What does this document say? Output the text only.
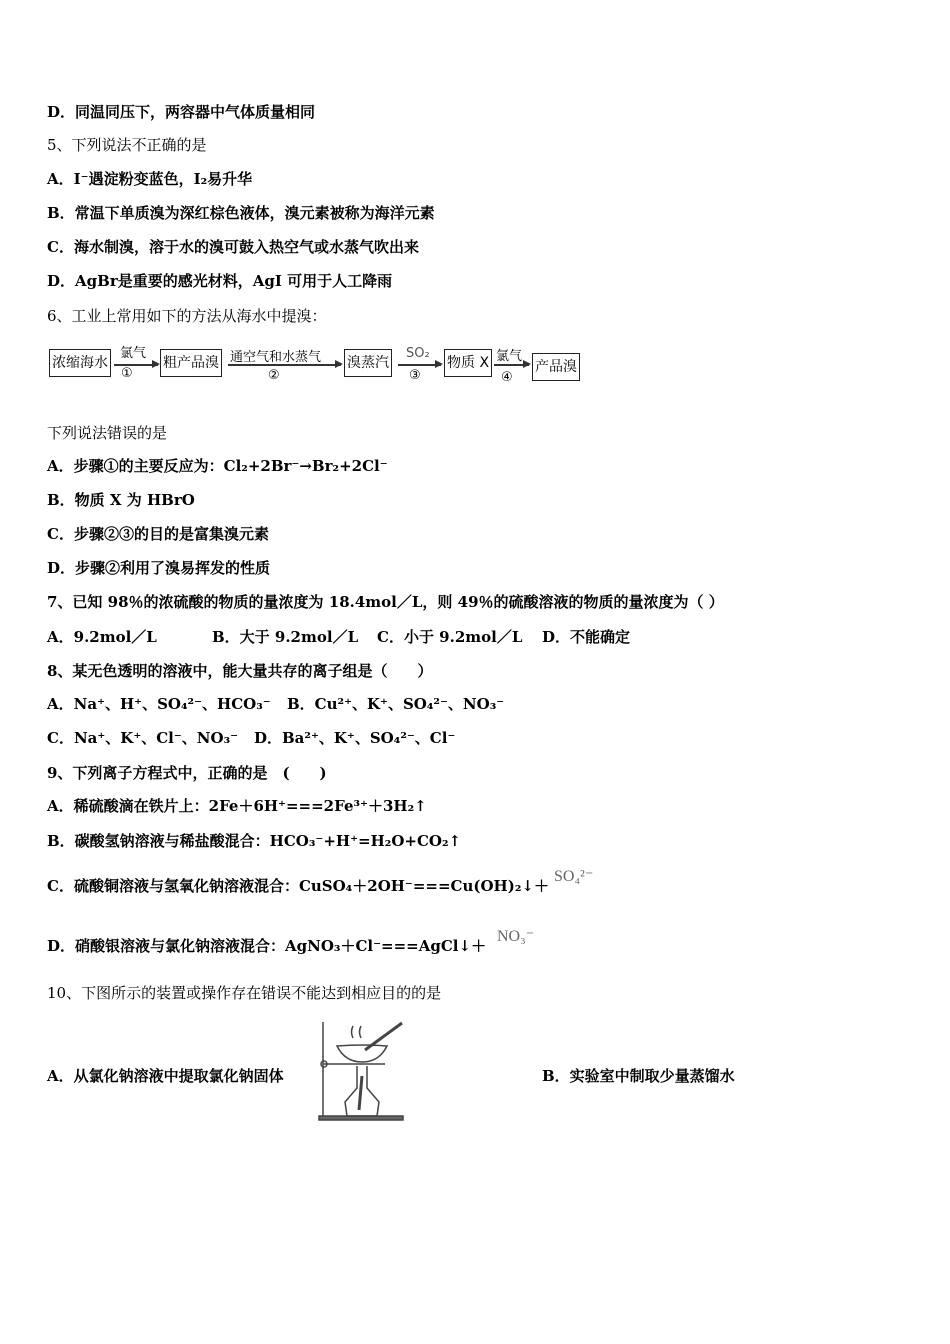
D．同温同压下，两容器中气体质量相同
5、下列说法不正确的是
A．I⁻遇淀粉变蓝色，I₂易升华
B．常温下单质溴为深红棕色液体，溴元素被称为海洋元素
C．海水制溴，溶于水的溴可鼓入热空气或水蒸气吹出来
D．AgBr是重要的感光材料，AgI 可用于人工降雨
6、工业上常用如下的方法从海水中提溴：
浓缩海水
氯气
①
粗产品溴 通空气和水蒸气
②
溴蒸汽
SO₂
③
物质 X 氯气
④
产品溴
下列说法错误的是
A．步骤①的主要反应为：Cl₂+2Br⁻→Br₂+2Cl⁻
B．物质 X 为 HBrO
C．步骤②③的目的是富集溴元素
D．步骤②利用了溴易挥发的性质
7、已知 98％的浓硫酸的物质的量浓度为 18.4mol／L，则 49％的硫酸溶液的物质的量浓度为（ ）
A．9.2mol／L	B．大于 9.2mol／L C．小于 9.2mol／L D．不能确定
8、某无色透明的溶液中，能大量共存的离子组是（　　）
A．Na⁺、H⁺、SO₄²⁻、HCO₃⁻ B．Cu²⁺、K⁺、SO₄²⁻、NO₃⁻
C．Na⁺、K⁺、Cl⁻、NO₃⁻ D．Ba²⁺、K⁺、SO₄²⁻、Cl⁻
9、下列离子方程式中，正确的是　(　　)
A．稀硫酸滴在铁片上：2Fe＋6H⁺===2Fe³⁺＋3H₂↑
B．碳酸氢钠溶液与稀盐酸混合：HCO₃⁻+H⁺=H₂O+CO₂↑
C．硫酸铜溶液与氢氧化钠溶液混合：CuSO₄＋2OH⁻===Cu(OH)₂↓＋
SO₄²⁻
D．硝酸银溶液与氯化钠溶液混合：AgNO₃＋Cl⁻===AgCl↓＋
NO₃⁻
10、下图所示的装置或操作存在错误不能达到相应目的的是
A．从氯化钠溶液中提取氯化钠固体	B．实验室中制取少量蒸馏水
